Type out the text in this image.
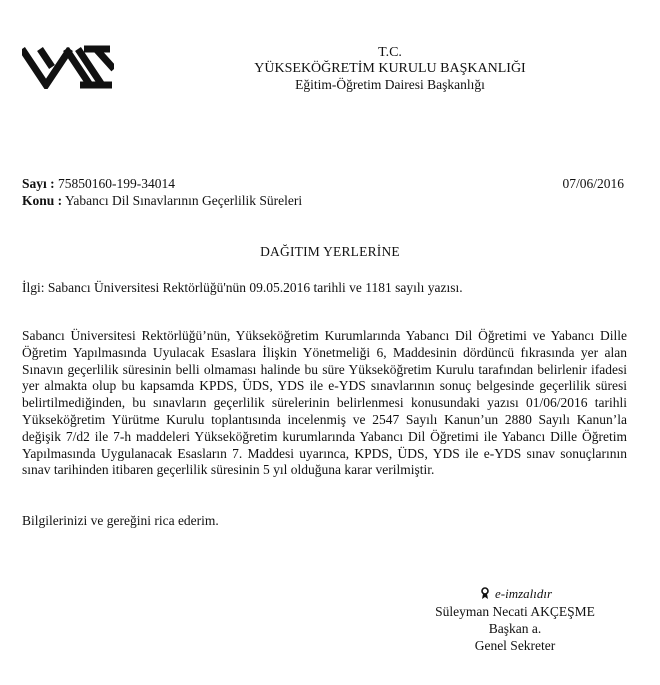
T.C.
YÜKSEKÖĞRETİM KURULU BAŞKANLIĞI
Eğitim-Öğretim Dairesi Başkanlığı
Sayı : 75850160-199-34014
Konu : Yabancı Dil Sınavlarının Geçerlilik Süreleri
07/06/2016
DAĞITIM YERLERİNE
İlgi: Sabancı Üniversitesi Rektörlüğü'nün 09.05.2016 tarihli ve 1181 sayılı yazısı.
Sabancı Üniversitesi Rektörlüğü’nün, Yükseköğretim Kurumlarında Yabancı Dil Öğretimi ve Yabancı Dille Öğretim Yapılmasında Uyulacak Esaslara İlişkin Yönetmeliği 6, Maddesinin dördüncü fıkrasında yer alan Sınavın geçerlilik süresinin belli olmaması halinde bu süre Yükseköğretim Kurulu tarafından belirlenir ifadesi yer almakta olup bu kapsamda KPDS, ÜDS, YDS ile e-YDS sınavlarının sonuç belgesinde geçerlilik süresi belirtilmediğinden, bu sınavların geçerlilik sürelerinin belirlenmesi konusundaki yazısı 01/06/2016 tarihli Yükseköğretim Yürütme Kurulu toplantısında incelenmiş ve 2547 Sayılı Kanun’un 2880 Sayılı Kanun’la değişik 7/d2 ile 7-h maddeleri Yükseköğretim kurumlarında Yabancı Dil Öğretimi ile Yabancı Dille Öğretim Yapılmasında Uygulanacak Esasların 7. Maddesi uyarınca, KPDS, ÜDS, YDS ile e-YDS sınav sonuçlarının sınav tarihinden itibaren geçerlilik süresinin 5 yıl olduğuna karar verilmiştir.
Bilgilerinizi ve gereğini rica ederim.
e-imzalıdır
Süleyman Necati AKÇEŞME
Başkan a.
Genel Sekreter
